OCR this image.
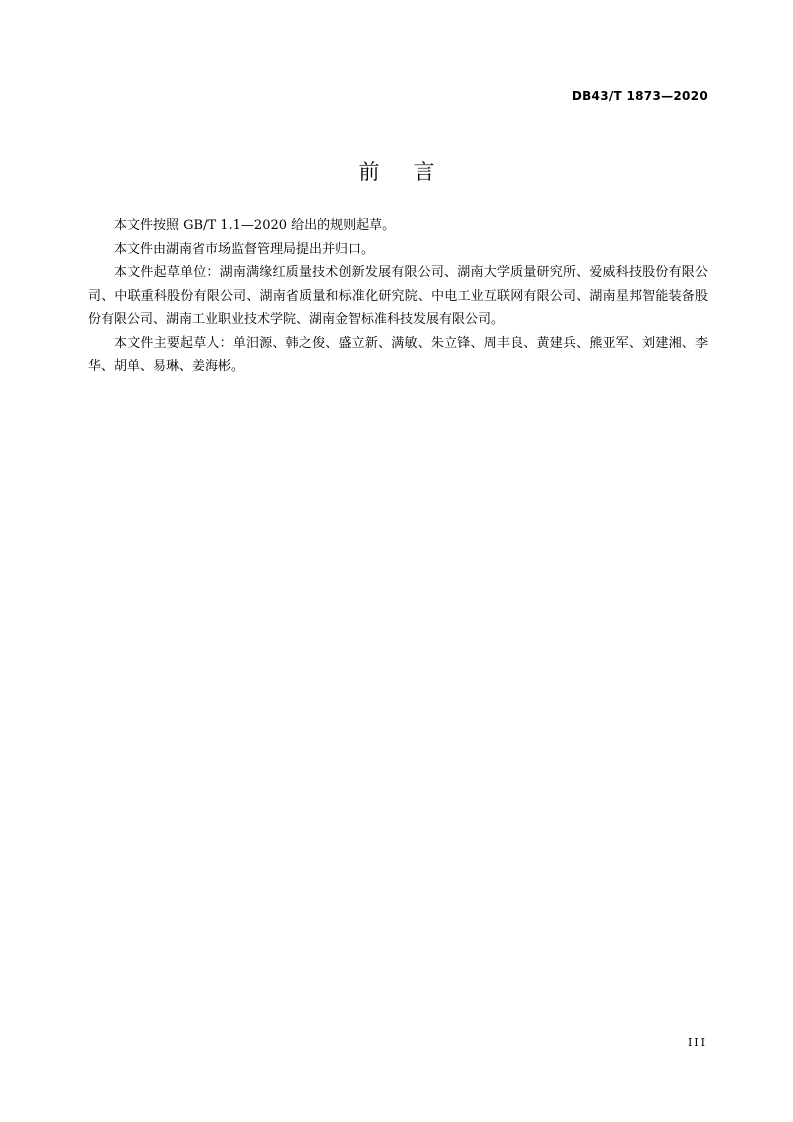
DB43/T 1873—2020
前言

本文件按照 GB/T 1.1—2020 给出的规则起草。

本文件由湖南省市场监督管理局提出并归口。

本文件起草单位：湖南满缘红质量技术创新发展有限公司、湖南大学质量研究所、爱威科技股份有限公司、中联重科股份有限公司、湖南省质量和标准化研究院、中电工业互联网有限公司、湖南星邦智能装备股份有限公司、湖南工业职业技术学院、湖南金智标准科技发展有限公司。

本文件主要起草人：单汨源、韩之俊、盛立新、满敏、朱立锋、周丰良、黄建兵、熊亚军、刘建湘、李华、胡单、易琳、姜海彬。

III
